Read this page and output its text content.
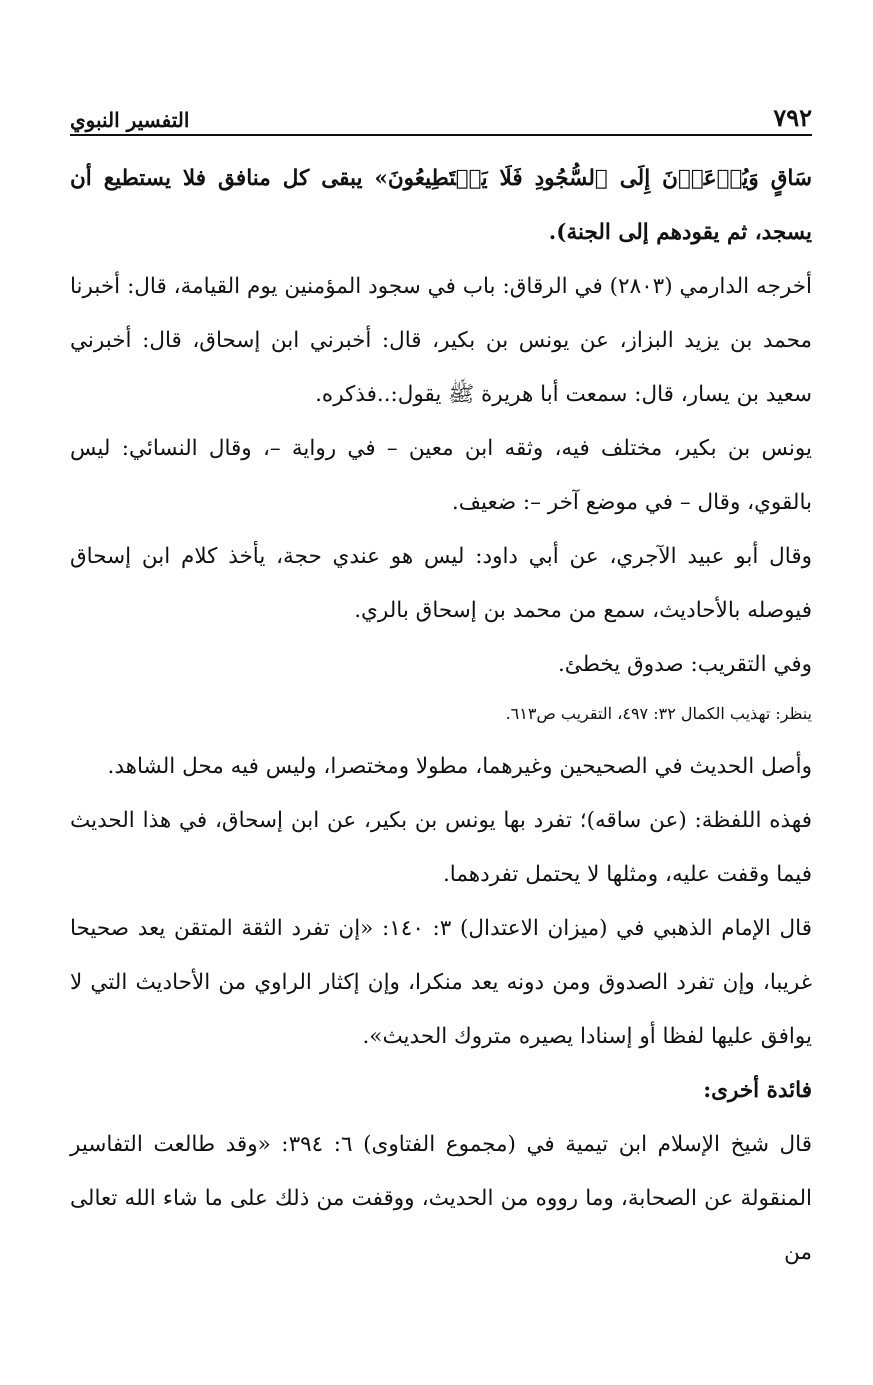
٧٩٢
التفسير النبوي

سَاقٍ وَيُدۡعَوۡنَ إِلَى ٱلسُّجُودِ فَلَا يَسۡتَطِيعُونَ» يبقى كل منافق فلا يستطيع أن يسجد، ثم يقودهم إلى الجنة).

أخرجه الدارمي (٢٨٠٣) في الرقاق: باب في سجود المؤمنين يوم القيامة، قال: أخبرنا محمد بن يزيد البزاز، عن يونس بن بكير، قال: أخبرني ابن إسحاق، قال: أخبرني سعيد بن يسار، قال: سمعت أبا هريرة ﷺ يقول:..فذكره.

يونس بن بكير، مختلف فيه، وثقه ابن معين – في رواية –، وقال النسائي: ليس بالقوي، وقال – في موضع آخر –: ضعيف.

وقال أبو عبيد الآجري، عن أبي داود: ليس هو عندي حجة، يأخذ كلام ابن إسحاق فيوصله بالأحاديث، سمع من محمد بن إسحاق بالري.

وفي التقريب: صدوق يخطئ.

ينظر: تهذيب الكمال ٣٢: ٤٩٧، التقريب ص٦١٣.

وأصل الحديث في الصحيحين وغيرهما، مطولا ومختصرا، وليس فيه محل الشاهد.

فهذه اللفظة: (عن ساقه)؛ تفرد بها يونس بن بكير، عن ابن إسحاق، في هذا الحديث فيما وقفت عليه، ومثلها لا يحتمل تفردهما.

قال الإمام الذهبي في (ميزان الاعتدال) ٣: ١٤٠: «إن تفرد الثقة المتقن يعد صحيحا غريبا، وإن تفرد الصدوق ومن دونه يعد منكرا، وإن إكثار الراوي من الأحاديث التي لا يوافق عليها لفظا أو إسنادا يصيره متروك الحديث».

فائدة أخرى:

قال شيخ الإسلام ابن تيمية في (مجموع الفتاوى) ٦: ٣٩٤: «وقد طالعت التفاسير المنقولة عن الصحابة، وما رووه من الحديث، ووقفت من ذلك على ما شاء الله تعالى من
